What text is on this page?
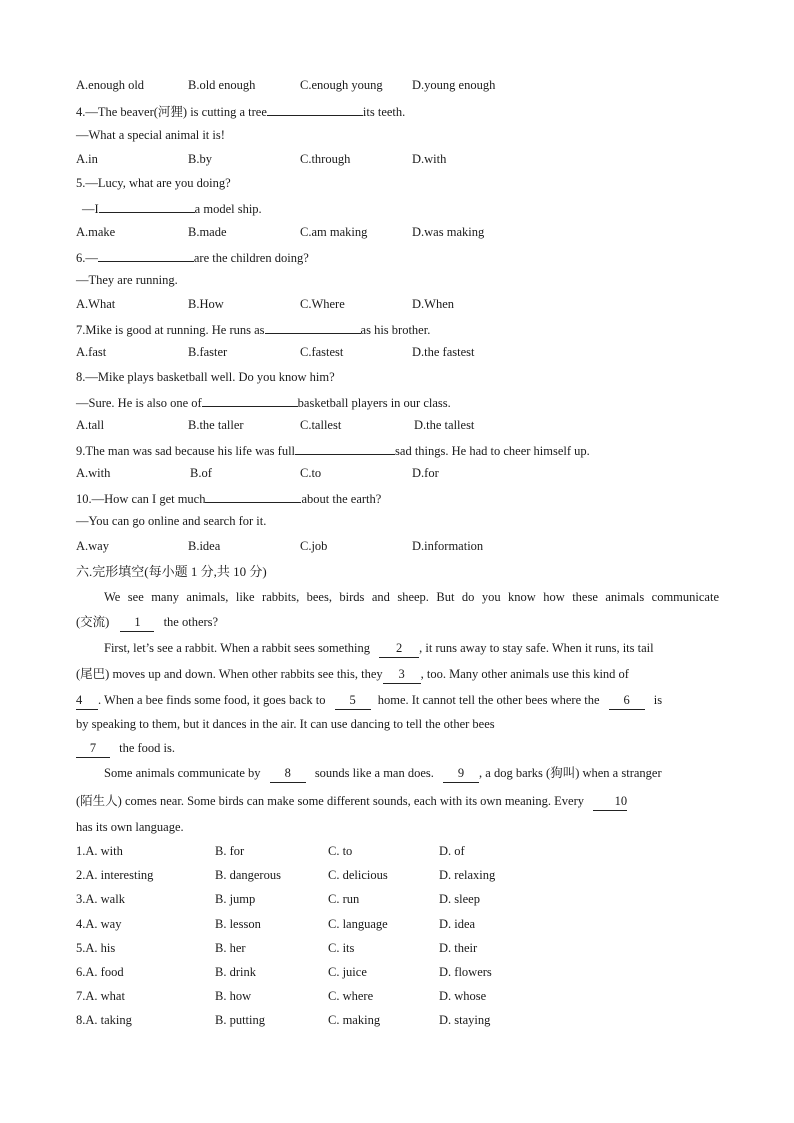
A.enough old	B.old enough	C.enough young D.young enough
4.—The beaver(河狸) is cutting a tree	its teeth.
—What a special animal it is!
A.in	B.by	C.through	D.with
5.—Lucy, what are you doing?
—I	a model ship.
A.make	B.made	C.am making	D.was making
6.—	are the children doing?
—They are running.
A.What	B.How	C.Where	D.When
7.Mike is good at running. He runs as	as his brother.
A.fast	B.faster	C.fastest	D.the fastest
8.—Mike plays basketball well. Do you know him?
—Sure. He is also one of	basketball players in our class.
A.tall	B.the taller	C.tallest	D.the tallest
9.The man was sad because his life was full	sad things. He had to cheer himself up.
A.with	B.of	C.to	D.for
10.—How can I get much	about the earth?
—You can go online and search for it.
A.way	B.idea	C.job	D.information
六.完形填空(每小题 1 分,共 10 分)
We see many animals, like rabbits, bees, birds and sheep. But do you know how these animals communicate
(交流) 1 the others?
First, let’s see a rabbit. When a rabbit sees something 2 , it runs away to stay safe. When it runs, its tail
(尾巴) moves up and down. When other rabbits see this, they 3 , too. Many other animals use this kind of
4 . When a bee finds some food, it goes back to 5 home. It cannot tell the other bees where the 6 is
by speaking to them, but it dances in the air. It can use dancing to tell the other bees
7 the food is.
Some animals communicate by 8 sounds like a man does. 9 , a dog barks (狗叫) when a stranger
(陌生人) comes near. Some birds can make some different sounds, each with its own meaning. Every 10
has its own language.
1.A. with	B. for	C. to	D. of
2.A. interesting	B. dangerous	C. delicious	D. relaxing
3.A. walk	B. jump	C. run	D. sleep
4.A. way	B. lesson	C. language	D. idea
5.A. his	B. her	C. its	D. their
6.A. food	B. drink	C. juice	D. flowers
7.A. what	B. how	C. where	D. whose
8.A. taking	B. putting	C. making	D. staying
